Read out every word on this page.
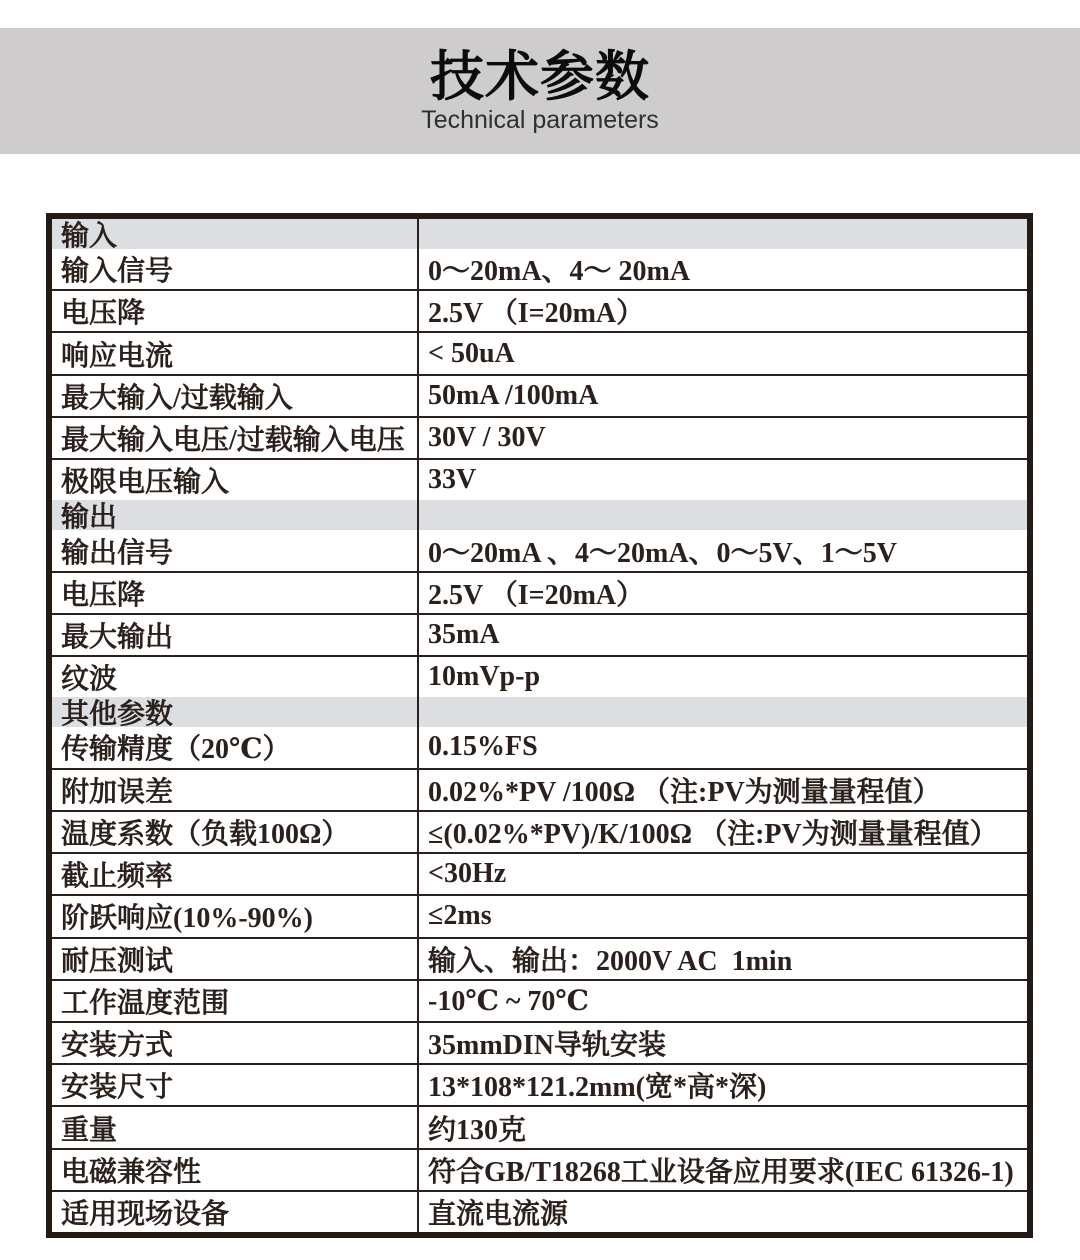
技术参数
Technical parameters
输入
输入信号	0～20mA、4～ 20mA
电压降	2.5V （I=20mA）
响应电流	< 50uA
最大输入/过载输入	50mA /100mA
最大输入电压/过载输入电压 30V / 30V
极限电压输入	33V
输出
输出信号	0～20mA 、4～20mA、0～5V、1～5V
电压降	2.5V （I=20mA）
最大输出	35mA
纹波	10mVp-p
其他参数
传输精度（20℃）	0.15%FS
附加误差	0.02%*PV /100Ω （注:PV为测量量程值）
温度系数（负载100Ω）	≤(0.02%*PV)/K/100Ω （注:PV为测量量程值）
截止频率	<30Hz
阶跃响应(10%-90%)	≤2ms
耐压测试	输入、输出：2000V AC  1min
工作温度范围	-10℃ ~ 70℃
安装方式	35mmDIN导轨安装
安装尺寸	13*108*121.2mm(宽*高*深)
重量	约130克
电磁兼容性	符合GB/T18268工业设备应用要求(IEC 61326-1)
适用现场设备	直流电流源
